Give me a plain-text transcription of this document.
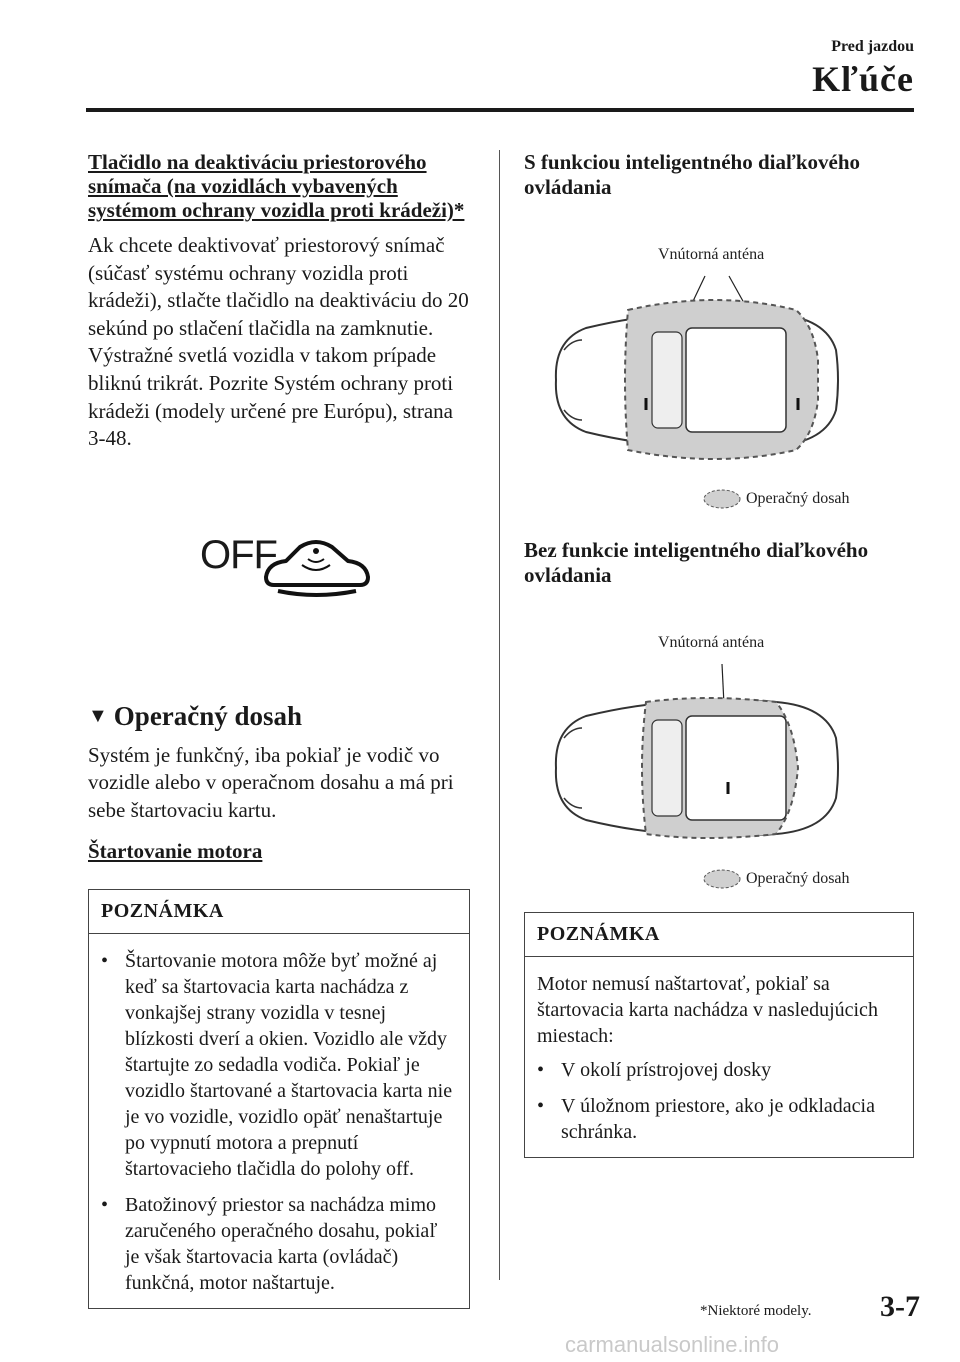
Pred jazdou
Kľúče

Tlačidlo na deaktiváciu priestorového snímača (na vozidlách vybavených systémom ochrany vozidla proti krádeži)*

Ak chcete deaktivovať priestorový snímač (súčasť systému ochrany vozidla proti krádeži), stlačte tlačidlo na deaktiváciu do 20 sekúnd po stlačení tlačidla na zamknutie. Výstražné svetlá vozidla v takom prípade bliknú trikrát. Pozrite Systém ochrany proti krádeži (modely určené pre Európu), strana 3-48.

OFF
▼ Operačný dosah

Systém je funkčný, iba pokiaľ je vodič vo vozidle alebo v operačnom dosahu a má pri sebe štartovaciu kartu.

Štartovanie motora

POZNÁMKA
• Štartovanie motora môže byť možné aj keď sa štartovacia karta nachádza z vonkajšej strany vozidla v tesnej blízkosti dverí a okien. Vozidlo ale vždy štartujte zo sedadla vodiča. Pokiaľ je vozidlo štartované a štartovacia karta nie je vo vozidle, vozidlo opäť nenaštartuje po vypnutí motora a prepnutí štartovacieho tlačidla do polohy off.
• Batožinový priestor sa nachádza mimo zaručeného operačného dosahu, pokiaľ je však štartovacia karta (ovládač) funkčná, motor naštartuje.

S funkciou inteligentného diaľkového ovládania

Vnútorná anténa
Operačný dosah

Bez funkcie inteligentného diaľkového ovládania

Vnútorná anténa
Operačný dosah
POZNÁMKA

Motor nemusí naštartovať, pokiaľ sa štartovacia karta nachádza v nasledujúcich miestach:

• V okolí prístrojovej dosky
• V úložnom priestore, ako je odkladacia schránka.
*Niektoré modely. 3-7
carmanualsonline.info
